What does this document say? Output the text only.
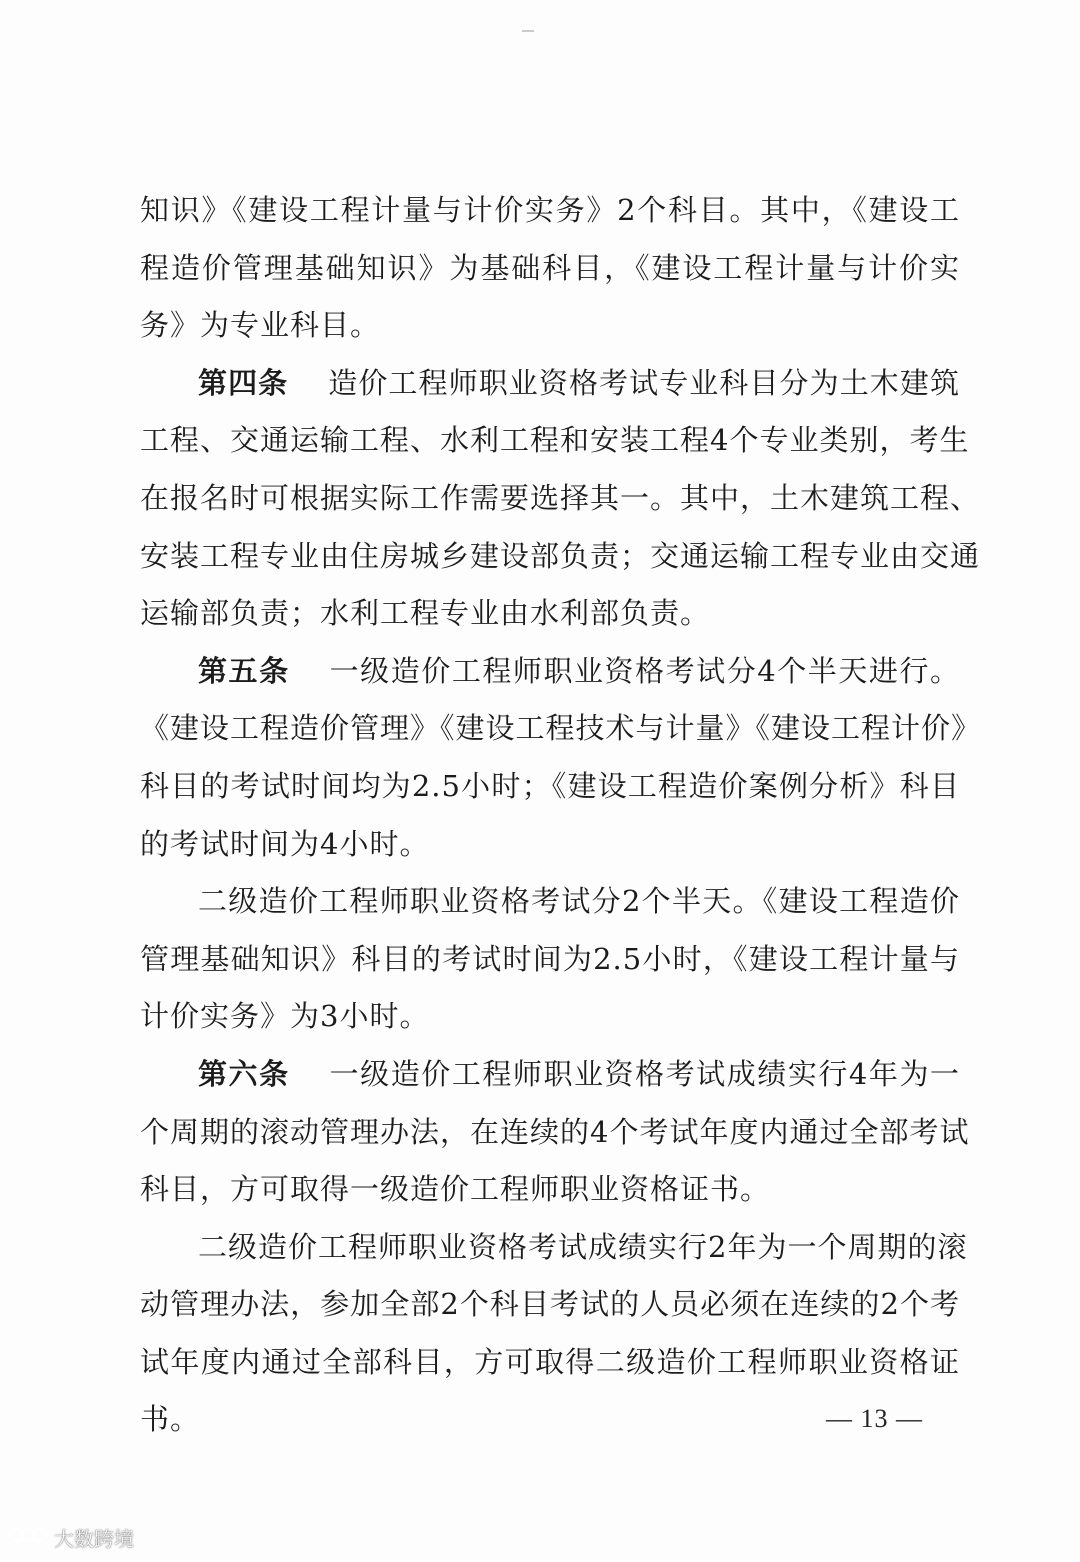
知识》《建设工程计量与计价实务》2个科目。其中，《建设工
程造价管理基础知识》为基础科目，《建设工程计量与计价实
务》为专业科目。
第四条 造价工程师职业资格考试专业科目分为土木建筑
工程、交通运输工程、水利工程和安装工程4个专业类别，考生
在报名时可根据实际工作需要选择其一。其中，土木建筑工程、
安装工程专业由住房城乡建设部负责；交通运输工程专业由交通
运输部负责；水利工程专业由水利部负责。
第五条 一级造价工程师职业资格考试分4个半天进行。
《建设工程造价管理》《建设工程技术与计量》《建设工程计价》
科目的考试时间均为2.5小时；《建设工程造价案例分析》科目
的考试时间为4小时。
二级造价工程师职业资格考试分2个半天。《建设工程造价
管理基础知识》科目的考试时间为2.5小时，《建设工程计量与
计价实务》为3小时。
第六条 一级造价工程师职业资格考试成绩实行4年为一
个周期的滚动管理办法，在连续的4个考试年度内通过全部考试
科目，方可取得一级造价工程师职业资格证书。
二级造价工程师职业资格考试成绩实行2年为一个周期的滚
动管理办法，参加全部2个科目考试的人员必须在连续的2个考
试年度内通过全部科目，方可取得二级造价工程师职业资格证
书。	— 13 —
大数跨境
